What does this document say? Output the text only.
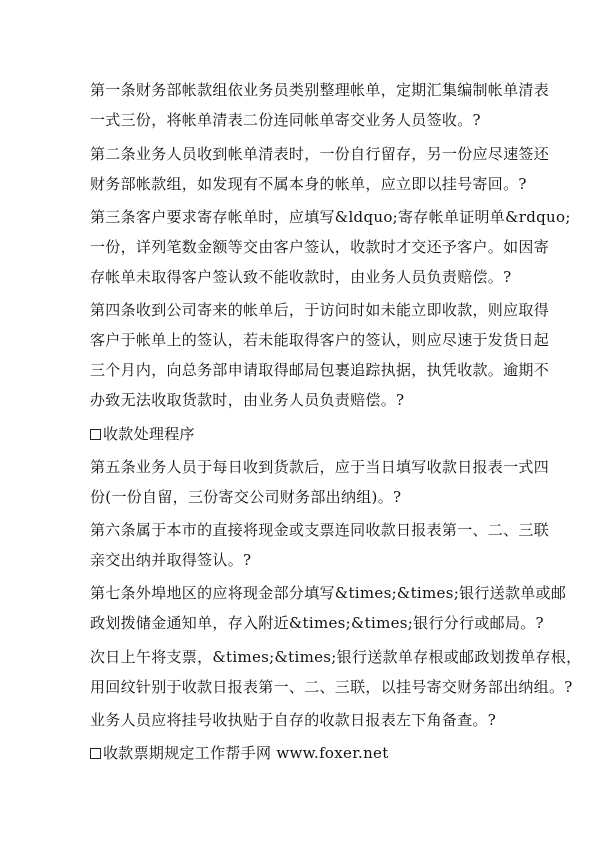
第一条财务部帐款组依业务员类别整理帐单，定期汇集编制帐单清表
一式三份，将帐单清表二份连同帐单寄交业务人员签收。?
第二条业务人员收到帐单清表时，一份自行留存，另一份应尽速签还
财务部帐款组，如发现有不属本身的帐单，应立即以挂号寄回。?
第三条客户要求寄存帐单时，应填写&ldquo;寄存帐单证明单&rdquo;
一份，详列笔数金额等交由客户签认，收款时才交还予客户。如因寄
存帐单未取得客户签认致不能收款时，由业务人员负责赔偿。?
第四条收到公司寄来的帐单后，于访问时如未能立即收款，则应取得
客户于帐单上的签认，若未能取得客户的签认，则应尽速于发货日起
三个月内，向总务部申请取得邮局包裹追踪执据，执凭收款。逾期不
办致无法收取货款时，由业务人员负责赔偿。?
收款处理程序
第五条业务人员于每日收到货款后，应于当日填写收款日报表一式四
份(一份自留，三份寄交公司财务部出纳组)。?
第六条属于本市的直接将现金或支票连同收款日报表第一、二、三联
亲交出纳并取得签认。?
第七条外埠地区的应将现金部分填写&times;&times;银行送款单或邮
政划拨储金通知单，存入附近&times;&times;银行分行或邮局。?
次日上午将支票，&times;&times;银行送款单存根或邮政划拨单存根，
用回纹针别于收款日报表第一、二、三联，以挂号寄交财务部出纳组。?
业务人员应将挂号收执贴于自存的收款日报表左下角备查。?
收款票期规定工作帮手网 www.foxer.net
